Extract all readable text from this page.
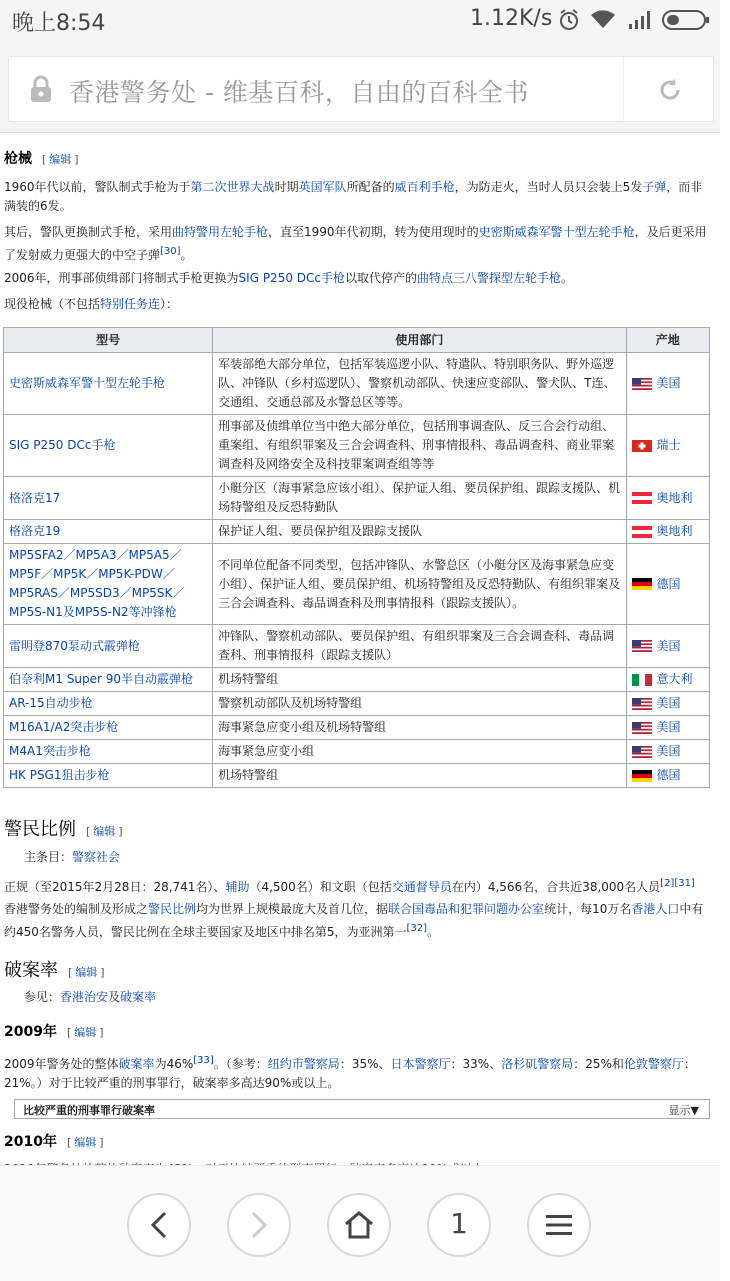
晚上8:54	1.12K/s
香港警务处 - 维基百科，自由的百科全书
枪械 [ 编辑 ]
1960年代以前，警队制式手枪为于第二次世界大战时期英国军队所配备的威百利手枪，为防走火，当时人员只会装上5发子弹，而非满装的6发。
其后，警队更换制式手枪，采用曲特警用左轮手枪，直至1990年代初期，转为使用现时的史密斯威森军警十型左轮手枪，及后更采用了发射威力更强大的中空子弹[30]。
2006年，刑事部侦缉部门将制式手枪更换为SIG P250 DCc手枪以取代停产的曲特点三八警探型左轮手枪。
现役枪械（不包括特别任务连）：
型号	使用部门	产地
史密斯威森军警十型左轮手枪	军装部绝大部分单位，包括军装巡逻小队、特遣队、特别职务队、野外巡逻队、冲锋队（乡村巡逻队）、警察机动部队、快速应变部队、警犬队、T连、交通组、交通总部及水警总区等等。	美国
SIG P250 DCc手枪	刑事部及侦缉单位当中绝大部分单位，包括刑事调查队、反三合会行动组、重案组、有组织罪案及三合会调查科、刑事情报科、毒品调查科、商业罪案调查科及网络安全及科技罪案调查组等等	瑞士
格洛克17	小艇分区（海事紧急应该小组）、保护证人组、要员保护组、跟踪支援队、机场特警组及反恐特勤队	奥地利
格洛克19	保护证人组、要员保护组及跟踪支援队	奥地利
MP5SFA2／MP5A3／MP5A5／MP5F／MP5K／MP5K-PDW／MP5RAS／MP5SD3／MP5SK／MP5S-N1及MP5S-N2等冲锋枪	不同单位配备不同类型，包括冲锋队、水警总区（小艇分区及海事紧急应变小组）、保护证人组、要员保护组、机场特警组及反恐特勤队、有组织罪案及三合会调查科、毒品调查科及刑事情报科（跟踪支援队）。	德国
雷明登870泵动式霰弹枪	冲锋队、警察机动部队、要员保护组、有组织罪案及三合会调查科、毒品调查科、刑事情报科（跟踪支援队）	美国
伯奈利M1 Super 90半自动霰弹枪	机场特警组	意大利
AR-15自动步枪	警察机动部队及机场特警组	美国
M16A1/A2突击步枪	海事紧急应变小组及机场特警组	美国
M4A1突击步枪	海事紧急应变小组	美国
HK PSG1狙击步枪	机场特警组	德国
警民比例 [ 编辑 ]
主条目：警察社会
正规（至2015年2月28日：28,741名）、辅助（4,500名）和文职（包括交通督导员在内）4,566名，合共近38,000名人员[2][31]
香港警务处的编制及形成之警民比例均为世界上规模最庞大及首几位，据联合国毒品和犯罪问题办公室统计，每10万名香港人口中有约450名警务人员，警民比例在全球主要国家及地区中排名第5，为亚洲第一[32]。
破案率 [ 编辑 ]
参见：香港治安及破案率
2009年 [ 编辑 ]
2009年警务处的整体破案率为46%[33]。（参考：纽约市警察局：35%、日本警察厅：33%、洛杉矶警察局：25%和伦敦警察厅：21%。）对于比较严重的刑事罪行，破案率多高达90%或以上。
比较严重的刑事罪行破案率	显示▼
2010年 [ 编辑 ]
1
